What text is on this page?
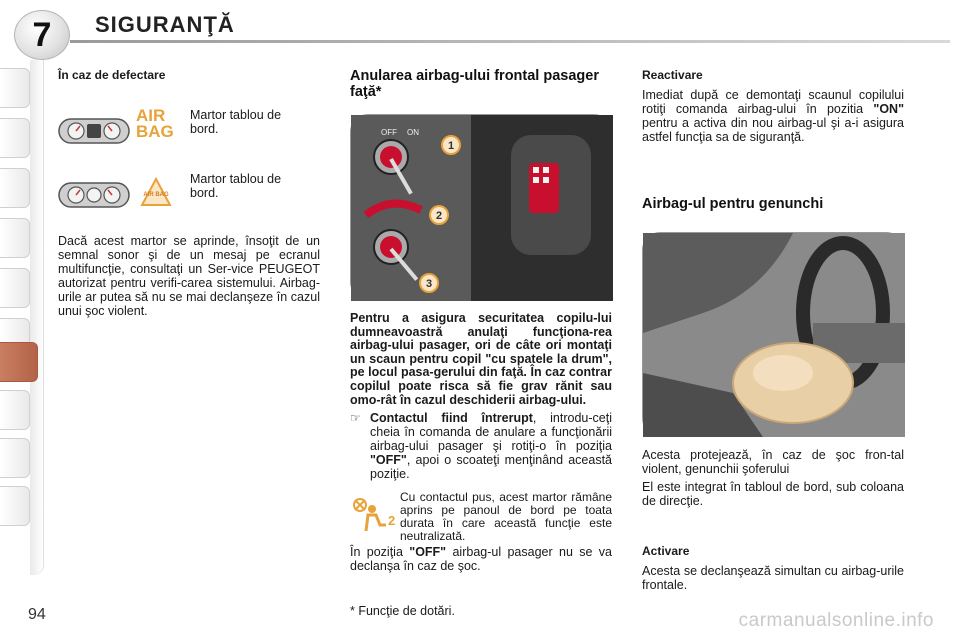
7	SIGURANŢĂ
În caz de defectare
AIR BAG
Martor tablou de bord.
AIR BAG
Martor tablou de bord.

Dacă acest martor se aprinde, însoţit de un semnal sonor şi de un mesaj pe ecranul multifuncţie, consultaţi un Ser-vice PEUGEOT autorizat pentru verifi-carea sistemului. Airbag-urile ar putea să nu se mai declanşeze în cazul unui şoc violent.

Anularea airbag-ului frontal pasager faţă*
OFF ON
1
2
3

Pentru a asigura securitatea copilu-lui dumneavoastră anulaţi funcţiona-rea airbag-ului pasager, ori de câte ori montaţi un scaun pentru copil "cu spatele la drum", pe locul pasa-gerului din faţă. În caz contrar copilul poate risca să fie grav rănit sau omo-rât în cazul deschiderii airbag-ului.

☞ Contactul fiind întrerupt, introdu-ceţi cheia în comanda de anulare a funcţionării airbag-ului pasager şi rotiţi-o în poziţia "OFF", apoi o scoateţi menţinând această poziţie.

2

Cu contactul pus, acest martor rămâne aprins pe panoul de bord pe toata durata în care această funcţie este neutralizată.

În poziţia "OFF" airbag-ul pasager nu se va declanşa în caz de şoc.

Reactivare

Imediat după ce demontaţi scaunul copilului rotiţi comanda airbag-ului în pozitia "ON" pentru a activa din nou airbag-ul şi a-i asigura astfel funcţia sa de siguranţă.

Airbag-ul pentru genunchi

Acesta protejează, în caz de şoc fron-tal violent, genunchii şoferului

El este integrat în tabloul de bord, sub coloana de direcţie.

Activare

Acesta se declanşează simultan cu airbag-urile frontale.

94	* Funcţie de dotări.	carmanualsonline.info
